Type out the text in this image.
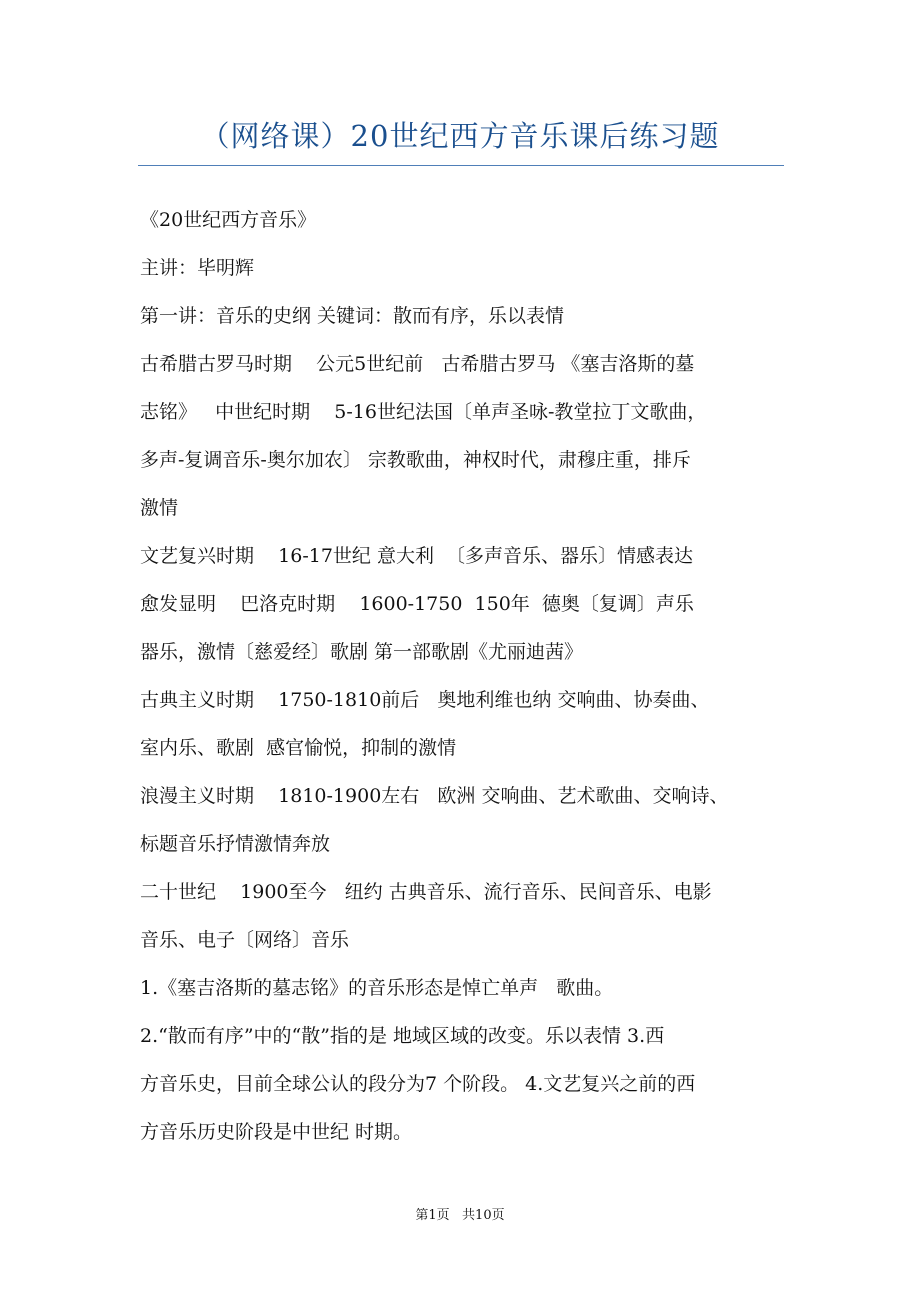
（网络课）20世纪西方音乐课后练习题

《20世纪西方音乐》

主讲：毕明辉

第一讲：音乐的史纲 关键词：散而有序，乐以表情

古希腊古罗马时期    公元5世纪前   古希腊古罗马 《塞吉洛斯的墓
志铭》   中世纪时期    5-16世纪法国〔单声圣咏-教堂拉丁文歌曲，
多声-复调音乐-奥尔加农〕 宗教歌曲，神权时代，肃穆庄重，排斥
激情

文艺复兴时期    16-17世纪 意大利  〔多声音乐、器乐〕情感表达
愈发显明    巴洛克时期    1600-1750  150年  德奥〔复调〕声乐
器乐，激情〔慈爱经〕歌剧 第一部歌剧《尤丽迪茜》

古典主义时期    1750-1810前后   奥地利维也纳 交响曲、协奏曲、
室内乐、歌剧  感官愉悦，抑制的激情

浪漫主义时期    1810-1900左右   欧洲 交响曲、艺术歌曲、交响诗、
标题音乐抒情激情奔放

二十世纪    1900至今   纽约 古典音乐、流行音乐、民间音乐、电影
音乐、电子〔网络〕音乐

1.《塞吉洛斯的墓志铭》的音乐形态是悼亡单声   歌曲。

2.“散而有序”中的“散”指的是 地域区域的改变。乐以表情 3.西
方音乐史，目前全球公认的段分为7 个阶段。 4.文艺复兴之前的西
方音乐历史阶段是中世纪 时期。

第1页   共10页
